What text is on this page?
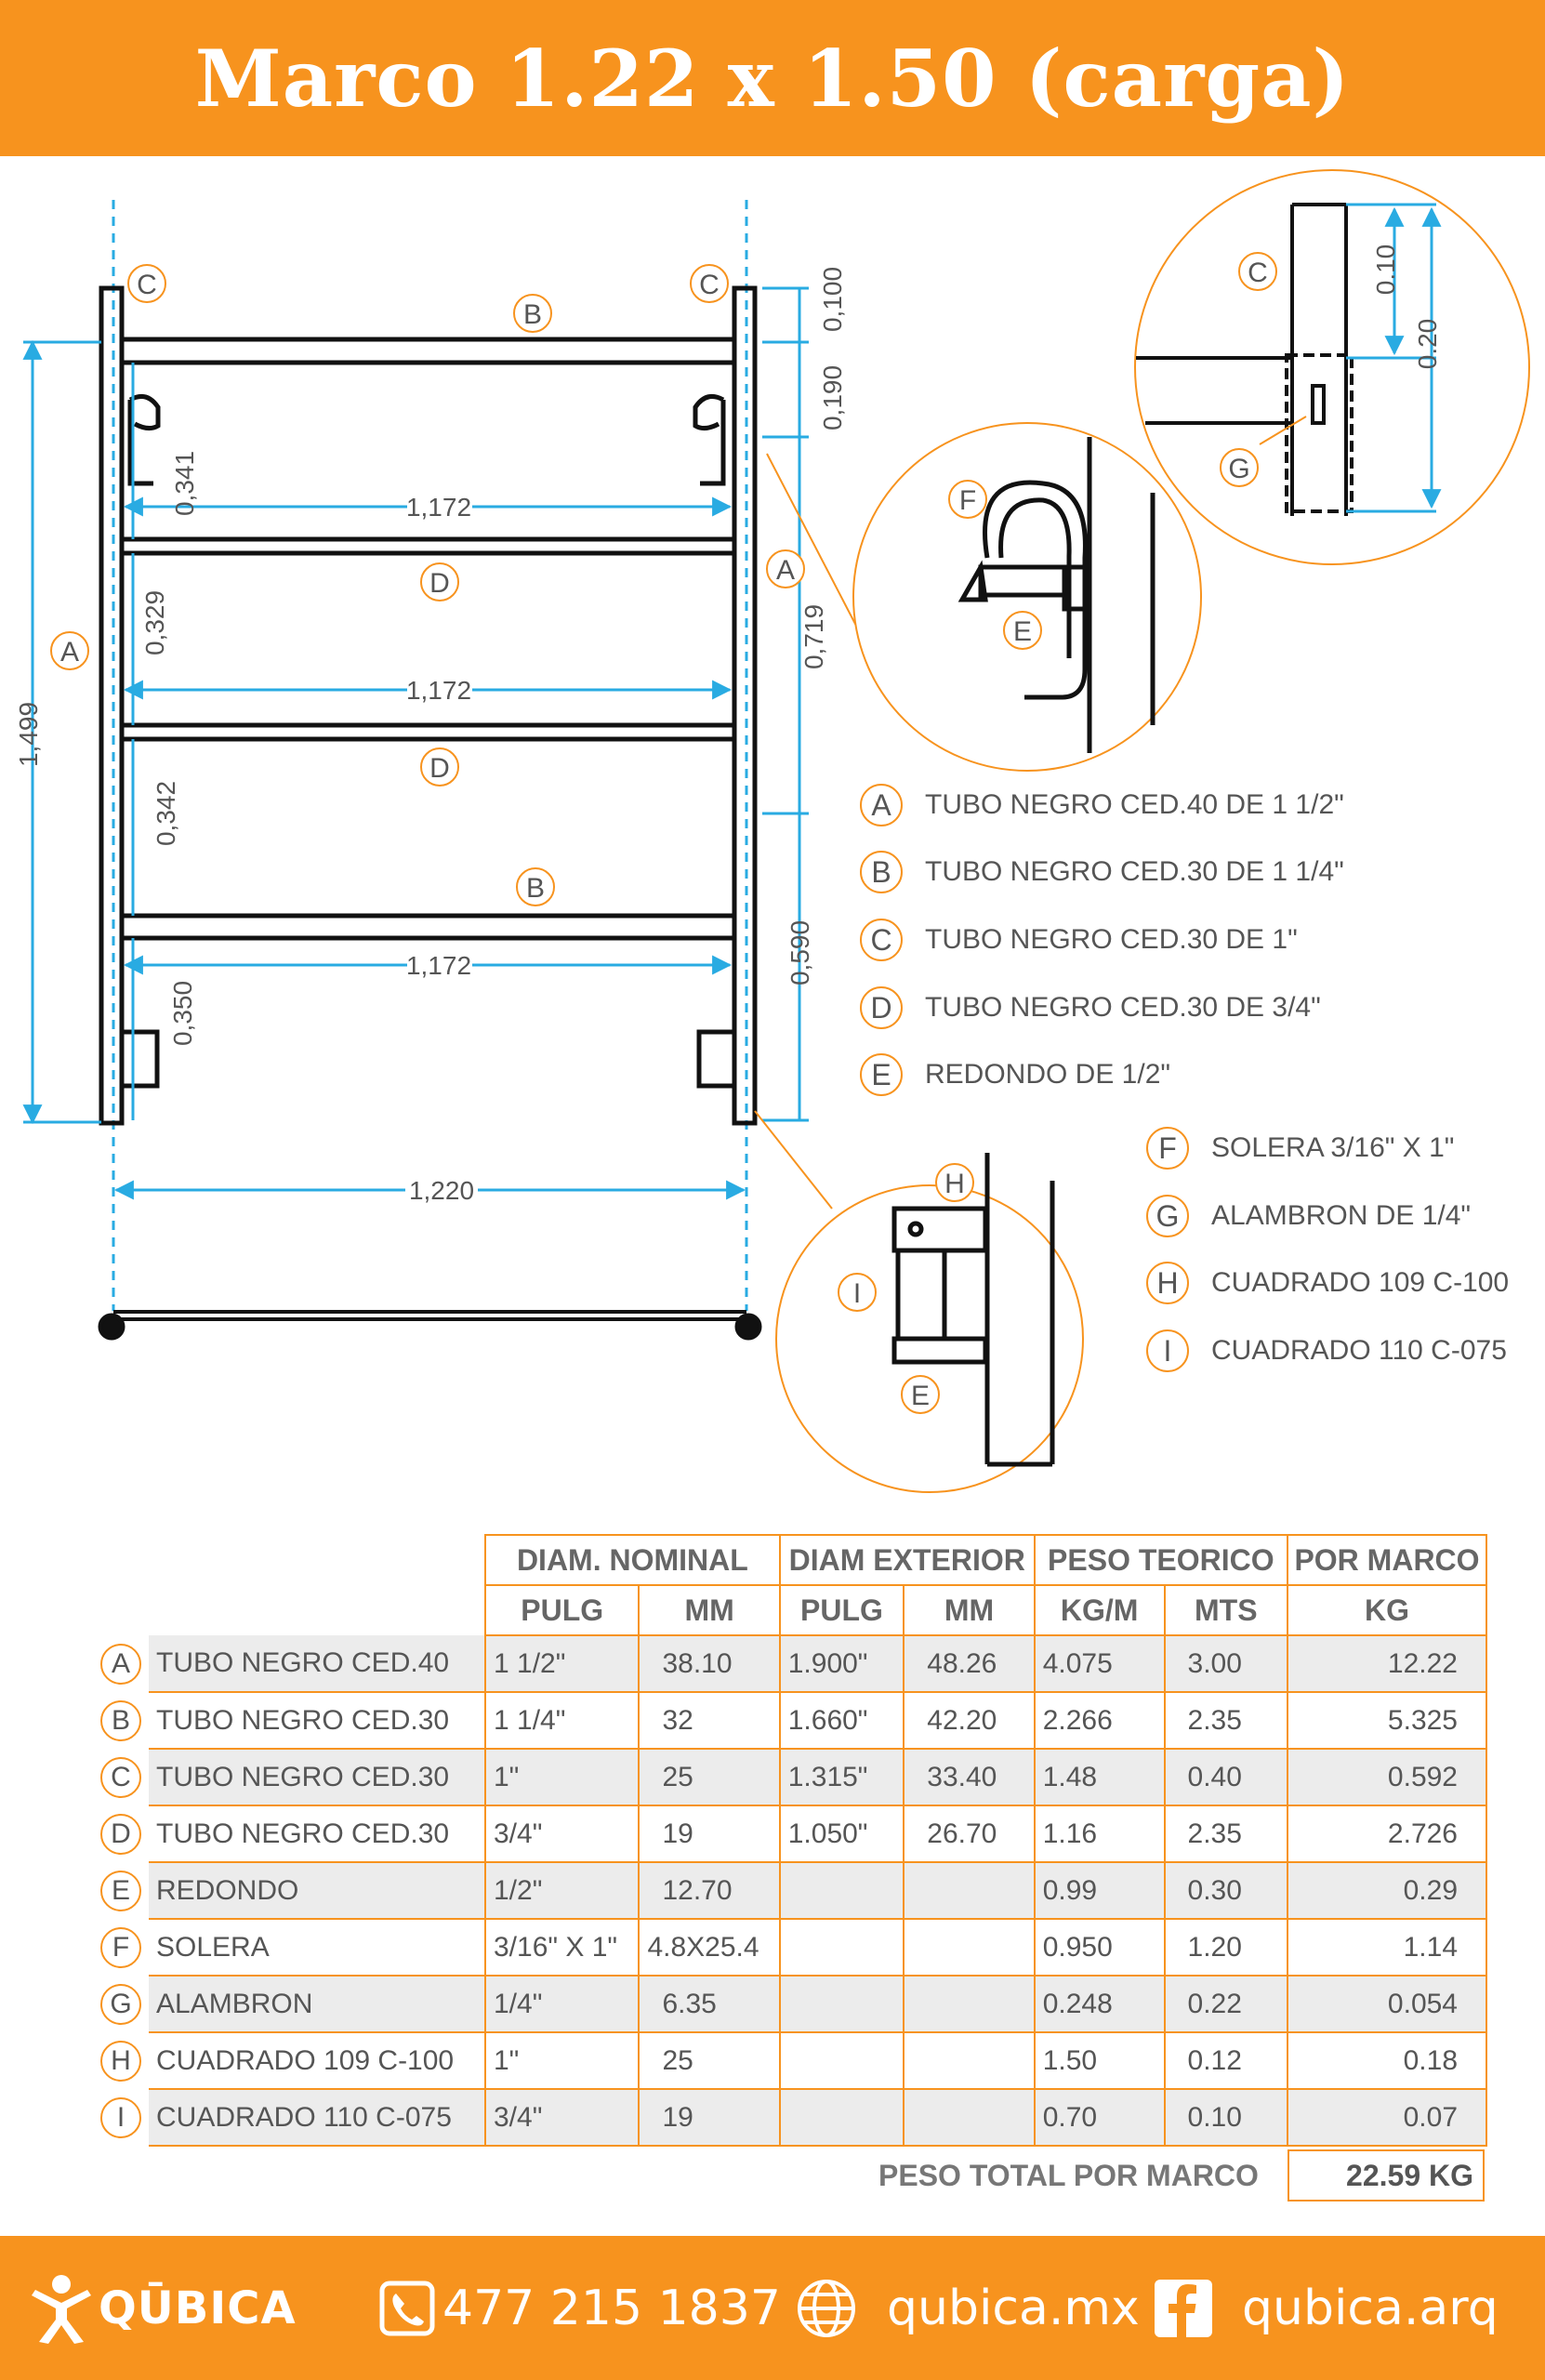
Marco 1.22 x 1.50 (carga)
1,499
0,341
0,329
0,342
0,350
1,172
1,172
1,172
1,220
0,100
0,190
0,719
0,590
C	C
B
D
D
B
A
A
0.10
0.20
C
G
F
E
H
I
E
A	TUBO NEGRO CED.40 DE 1 1/2"
B	TUBO NEGRO CED.30 DE 1 1/4"
C	TUBO NEGRO CED.30 DE 1"
D	TUBO NEGRO CED.30 DE 3/4"
E	REDONDO DE 1/2"
F	SOLERA 3/16" X 1"
G	ALAMBRON DE 1/4"
H	CUADRADO 109 C-100
I	CUADRADO 110 C-075
		DIAM. NOMINAL		DIAM EXTERIOR		PESO TEORICO		POR MARCO
		PULG	MM	PULG	MM	KG/M	MTS	KG
A	TUBO NEGRO CED.40	1 1/2"	38.10	1.900"	48.26	4.075	3.00	12.22
B	TUBO NEGRO CED.30	1 1/4"	32	1.660"	42.20	2.266	2.35	5.325
C	TUBO NEGRO CED.30	1"	25	1.315"	33.40	1.48	0.40	0.592
D	TUBO NEGRO CED.30	3/4"	19	1.050"	26.70	1.16	2.35	2.726
E	REDONDO	1/2"	12.70			0.99	0.30	0.29
F	SOLERA	3/16" X 1"	4.8X25.4			0.950	1.20	1.14
G	ALAMBRON	1/4"	6.35			0.248	0.22	0.054
H	CUADRADO 109 C-100	1"	25			1.50	0.12	0.18
I	CUADRADO 110 C-075	3/4"	19			0.70	0.10	0.07
PESO TOTAL POR MARCO	22.59 KG
QŪBICA	477 215 1837 qubica.mx qubica.arq
